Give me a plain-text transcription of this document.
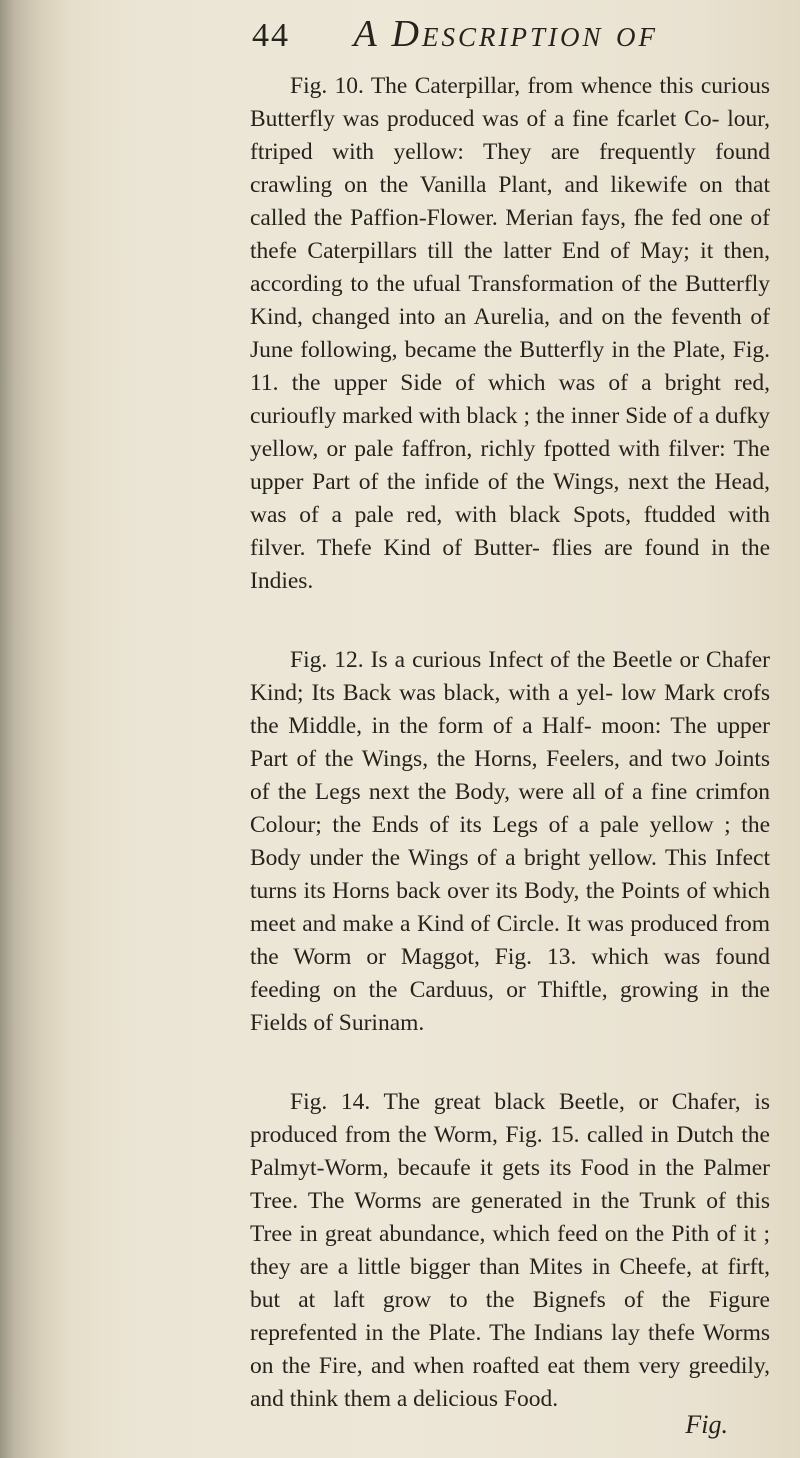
44 A Description of

Fig. 10. The Caterpillar, from whence this curious Butterfly was produced was of a fine fcarlet Co- lour, ftriped with yellow: They are frequently found crawling on the Vanilla Plant, and likewife on that called the Paffion-Flower. Merian fays, fhe fed one of thefe Caterpillars till the latter End of May; it then, according to the ufual Transformation of the Butterfly Kind, changed into an Aurelia, and on the feventh of June following, became the Butterfly in the Plate, Fig. 11. the upper Side of which was of a bright red, curioufly marked with black ; the inner Side of a dufky yellow, or pale faffron, richly fpotted with filver: The upper Part of the infide of the Wings, next the Head, was of a pale red, with black Spots, ftudded with filver. Thefe Kind of Butter- flies are found in the Indies.

Fig. 12. Is a curious Infect of the Beetle or Chafer Kind; Its Back was black, with a yel- low Mark crofs the Middle, in the form of a Half- moon: The upper Part of the Wings, the Horns, Feelers, and two Joints of the Legs next the Body, were all of a fine crimfon Colour; the Ends of its Legs of a pale yellow ; the Body under the Wings of a bright yellow. This Infect turns its Horns back over its Body, the Points of which meet and make a Kind of Circle. It was produced from the Worm or Maggot, Fig. 13. which was found feeding on the Carduus, or Thiftle, growing in the Fields of Surinam.

Fig. 14. The great black Beetle, or Chafer, is produced from the Worm, Fig. 15. called in Dutch the Palmyt-Worm, becaufe it gets its Food in the Palmer Tree. The Worms are generated in the Trunk of this Tree in great abundance, which feed on the Pith of it ; they are a little bigger than Mites in Cheefe, at firft, but at laft grow to the Bignefs of the Figure reprefented in the Plate. The Indians lay thefe Worms on the Fire, and when roafted eat them very greedily, and think them a delicious Food.

Fig.
